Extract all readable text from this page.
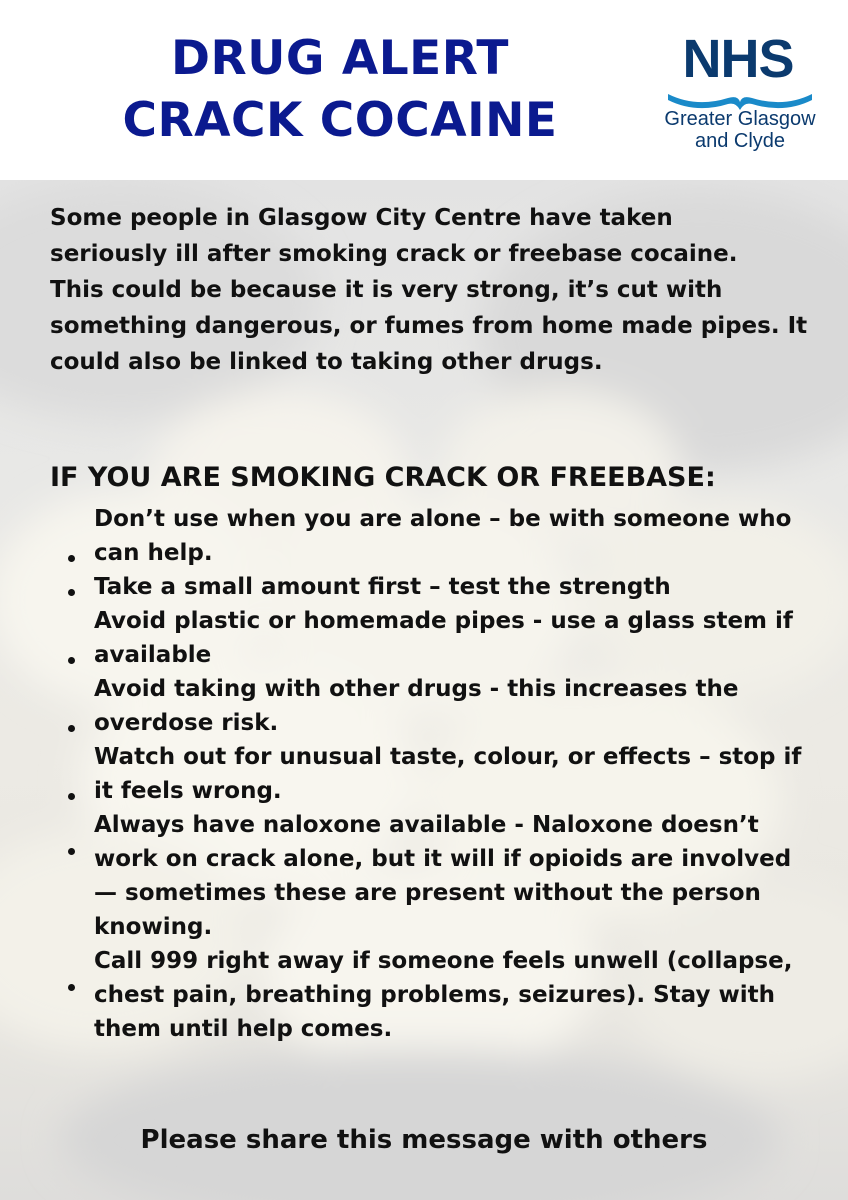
DRUG ALERT
CRACK COCAINE
NHS
Greater Glasgow
and Clyde
Some people in Glasgow City Centre have taken
seriously ill after smoking crack or freebase cocaine.
This could be because it is very strong, it’s cut with
something dangerous, or fumes from home made pipes. It
could also be linked to taking other drugs.
IF YOU ARE SMOKING CRACK OR FREEBASE:
Don’t use when you are alone – be with someone who
can help.
Take a small amount first – test the strength
Avoid plastic or homemade pipes - use a glass stem if
available
Avoid taking with other drugs - this increases the
overdose risk.
Watch out for unusual taste, colour, or effects – stop if
it feels wrong.
Always have naloxone available - Naloxone doesn’t
work on crack alone, but it will if opioids are involved
— sometimes these are present without the person
knowing.
Call 999 right away if someone feels unwell (collapse,
chest pain, breathing problems, seizures). Stay with
them until help comes.
Please share this message with others
